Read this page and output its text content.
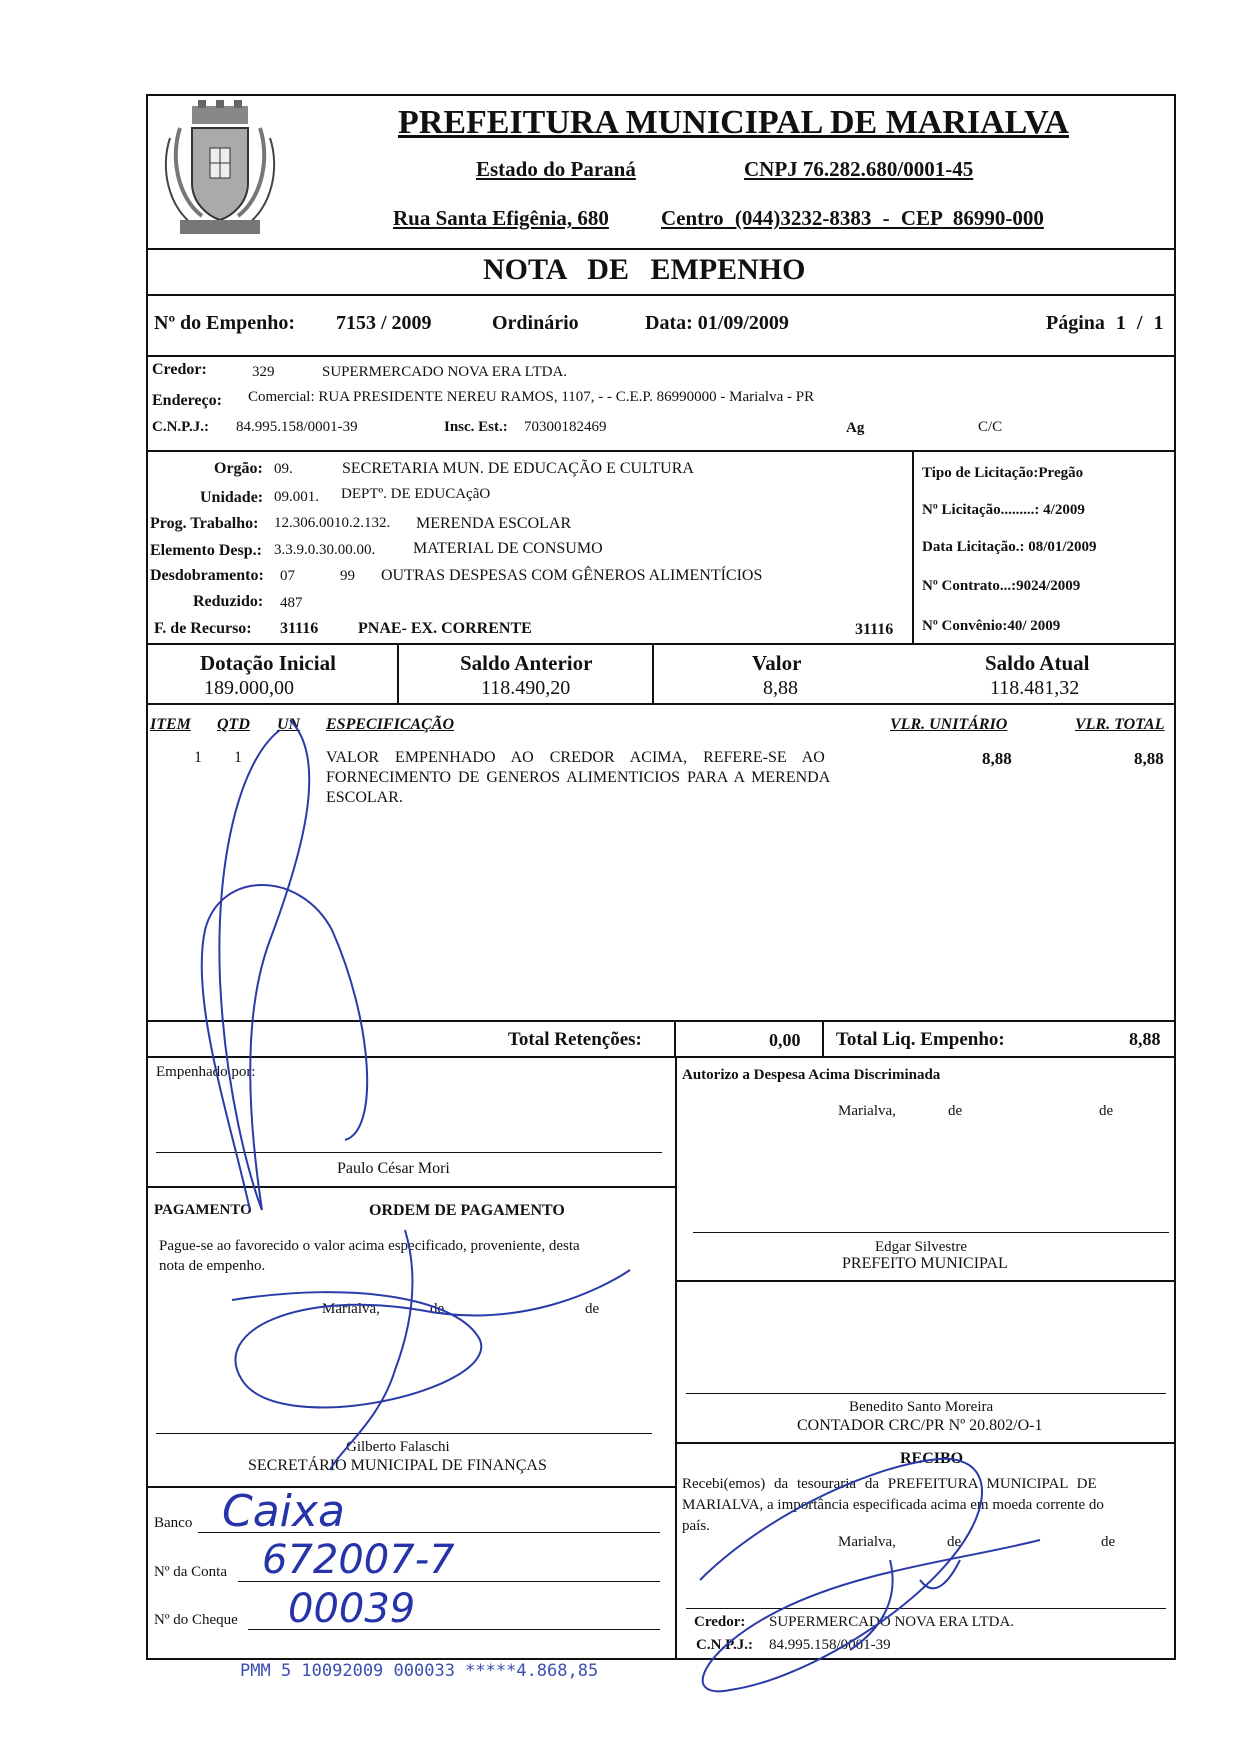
PREFEITURA MUNICIPAL DE MARIALVA
Estado do Paraná	CNPJ 76.282.680/0001-45
Rua Santa Efigênia, 680 Centro (044)3232-8383 - CEP 86990-000
NOTA DE EMPENHO
Nº do Empenho: 7153 / 2009	Ordinário	Data: 01/09/2009	Página 1 / 1
Credor:	329	SUPERMERCADO NOVA ERA LTDA.
Endereço: Comercial: RUA PRESIDENTE NEREU RAMOS, 1107, - - C.E.P. 86990000 - Marialva - PR
C.N.P.J.: 84.995.158/0001-39	Insc. Est.: 70300182469	Ag	C/C
Orgão: 09.	SECRETARIA MUN. DE EDUCAÇÃO E CULTURA
Unidade: 09.001. DEPTº. DE EDUCAçãO
Prog. Trabalho: 12.306.0010.2.132. MERENDA ESCOLAR
Elemento Desp.: 3.3.9.0.30.00.00. MATERIAL DE CONSUMO
Desdobramento: 07	99 OUTRAS DESPESAS COM GÊNEROS ALIMENTÍCIOS
Reduzido: 487
F. de Recurso: 31116 PNAE- EX. CORRENTE	31116
Tipo de Licitação:Pregão
Nº Licitação.........: 4/2009
Data Licitação.: 08/01/2009
Nº Contrato...:9024/2009
Nº Convênio:40/ 2009
Dotação Inicial
189.000,00
Saldo Anterior
118.490,20
Valor
8,88
Saldo Atual
118.481,32
ITEM QTD UN ESPECIFICAÇÃO	VLR. UNITÁRIO	VLR. TOTAL
1 1	VALOR EMPENHADO AO CREDOR ACIMA, REFERE-SE AO
FORNECIMENTO DE GENEROS ALIMENTICIOS PARA A MERENDA
ESCOLAR.
8,88	8,88
Total Retenções:	0,00 Total Liq. Empenho:	8,88
Empenhado por:
Paulo César Mori
Autorizo a Despesa Acima Discriminada
Marialva,	de	de
Edgar Silvestre
PREFEITO MUNICIPAL
PAGAMENTO	ORDEM DE PAGAMENTO
Pague-se ao favorecido o valor acima especificado, proveniente, desta
nota de empenho.
Marialva,	de	de
Gilberto Falaschi
SECRETÁRIO MUNICIPAL DE FINANÇAS
Benedito Santo Moreira
CONTADOR CRC/PR Nº 20.802/O-1
RECIBO
Recebi(emos) da tesouraria da PREFEITURA MUNICIPAL DE
MARIALVA, a importância especificada acima em moeda corrente do
país.
Marialva,	de	de
Credor: SUPERMERCADO NOVA ERA LTDA.
C.N.P.J.: 84.995.158/0001-39
Banco Caixa
Nº da Conta 672007-7
Nº do Cheque 00039
PMM 5 10092009 000033 *****4.868,85
